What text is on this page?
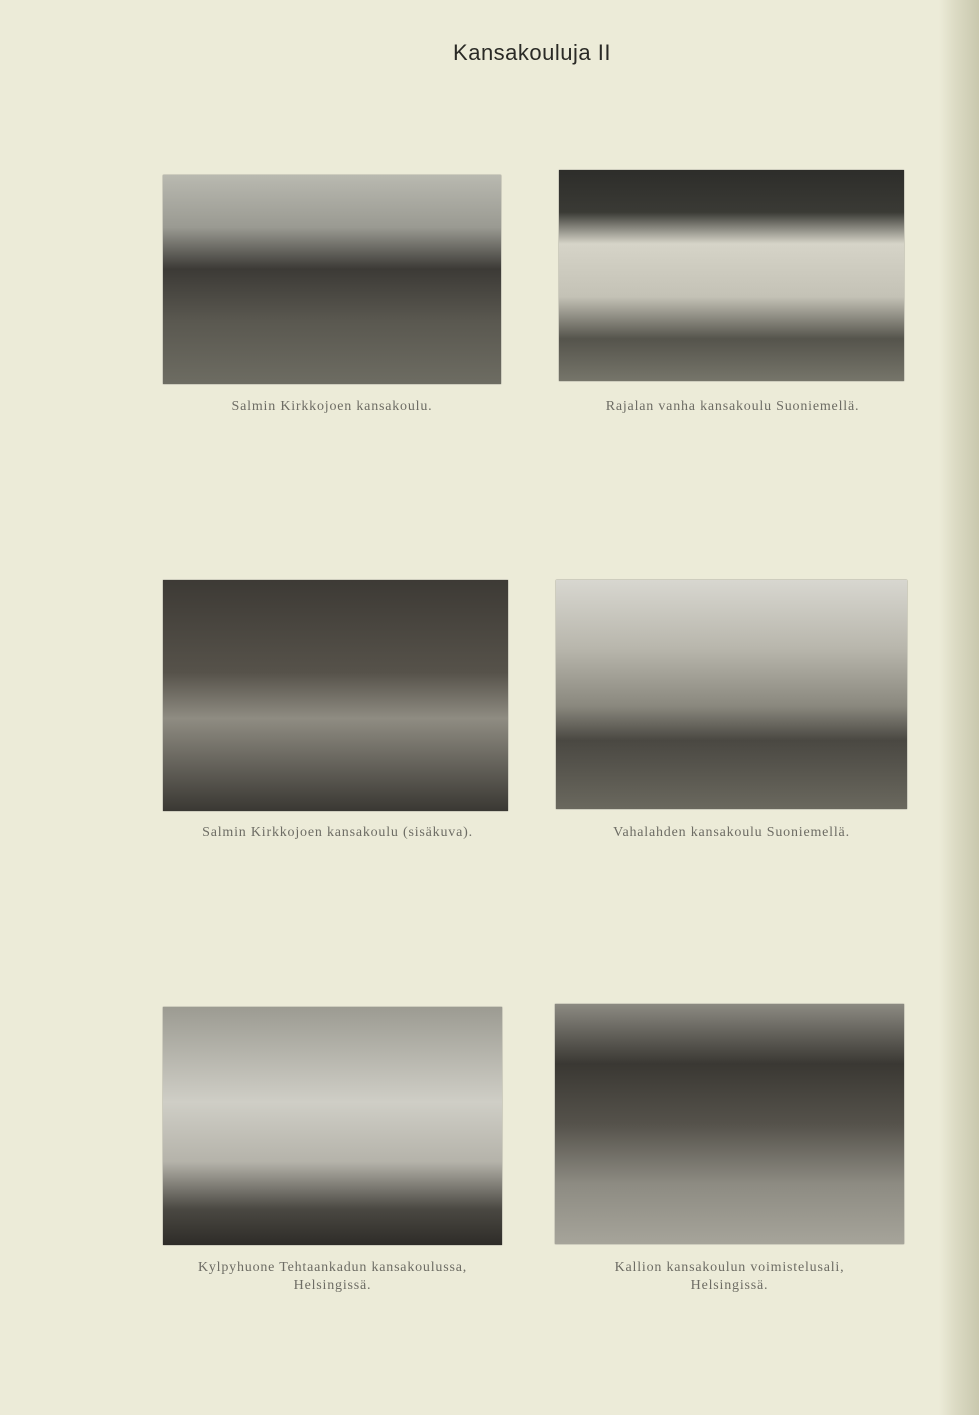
Kansakouluja II
Salmin Kirkkojoen kansakoulu.	Rajalan vanha kansakoulu Suoniemellä.
Salmin Kirkkojoen kansakoulu (sisäkuva).	Vahalahden kansakoulu Suoniemellä.
Kylpyhuone Tehtaankadun kansakoulussa,
Helsingissä.
Kallion kansakoulun voimistelusali,
Helsingissä.
